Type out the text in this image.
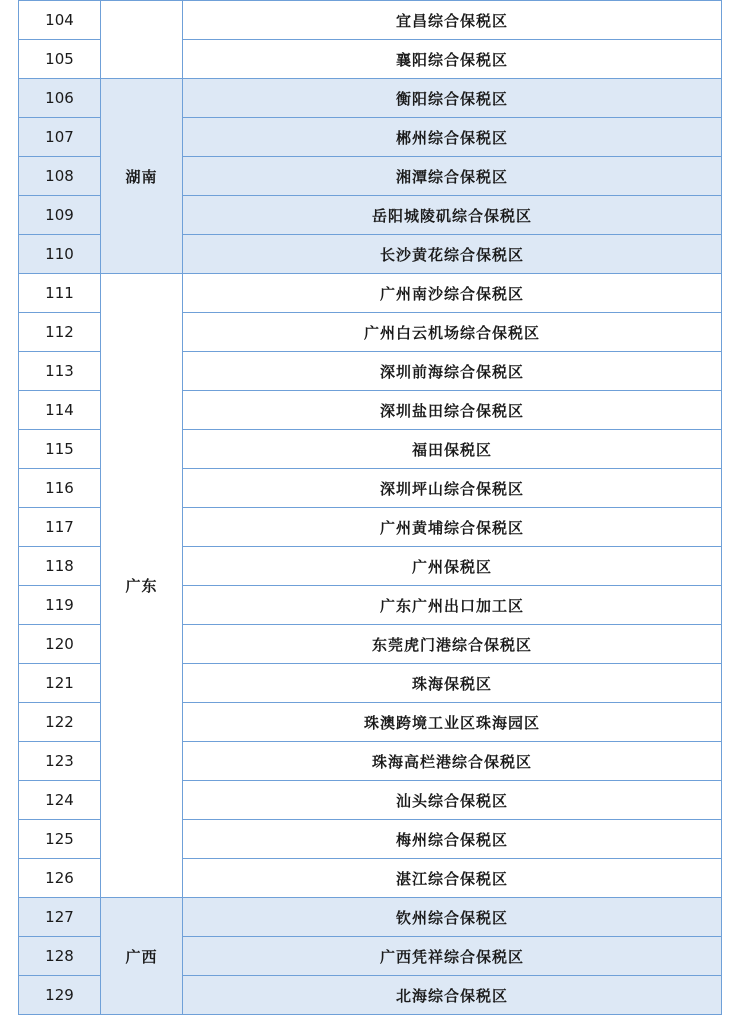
104		宜昌综合保税区
105		襄阳综合保税区
106	湖南	衡阳综合保税区
107		郴州综合保税区
108		湘潭综合保税区
109		岳阳城陵矶综合保税区
110		长沙黄花综合保税区
111	广东	广州南沙综合保税区
112		广州白云机场综合保税区
113		深圳前海综合保税区
114		深圳盐田综合保税区
115		福田保税区
116		深圳坪山综合保税区
117		广州黄埔综合保税区
118		广州保税区
119		广东广州出口加工区
120		东莞虎门港综合保税区
121		珠海保税区
122		珠澳跨境工业区珠海园区
123		珠海高栏港综合保税区
124		汕头综合保税区
125		梅州综合保税区
126		湛江综合保税区
127	广西	钦州综合保税区
128		广西凭祥综合保税区
129		北海综合保税区
